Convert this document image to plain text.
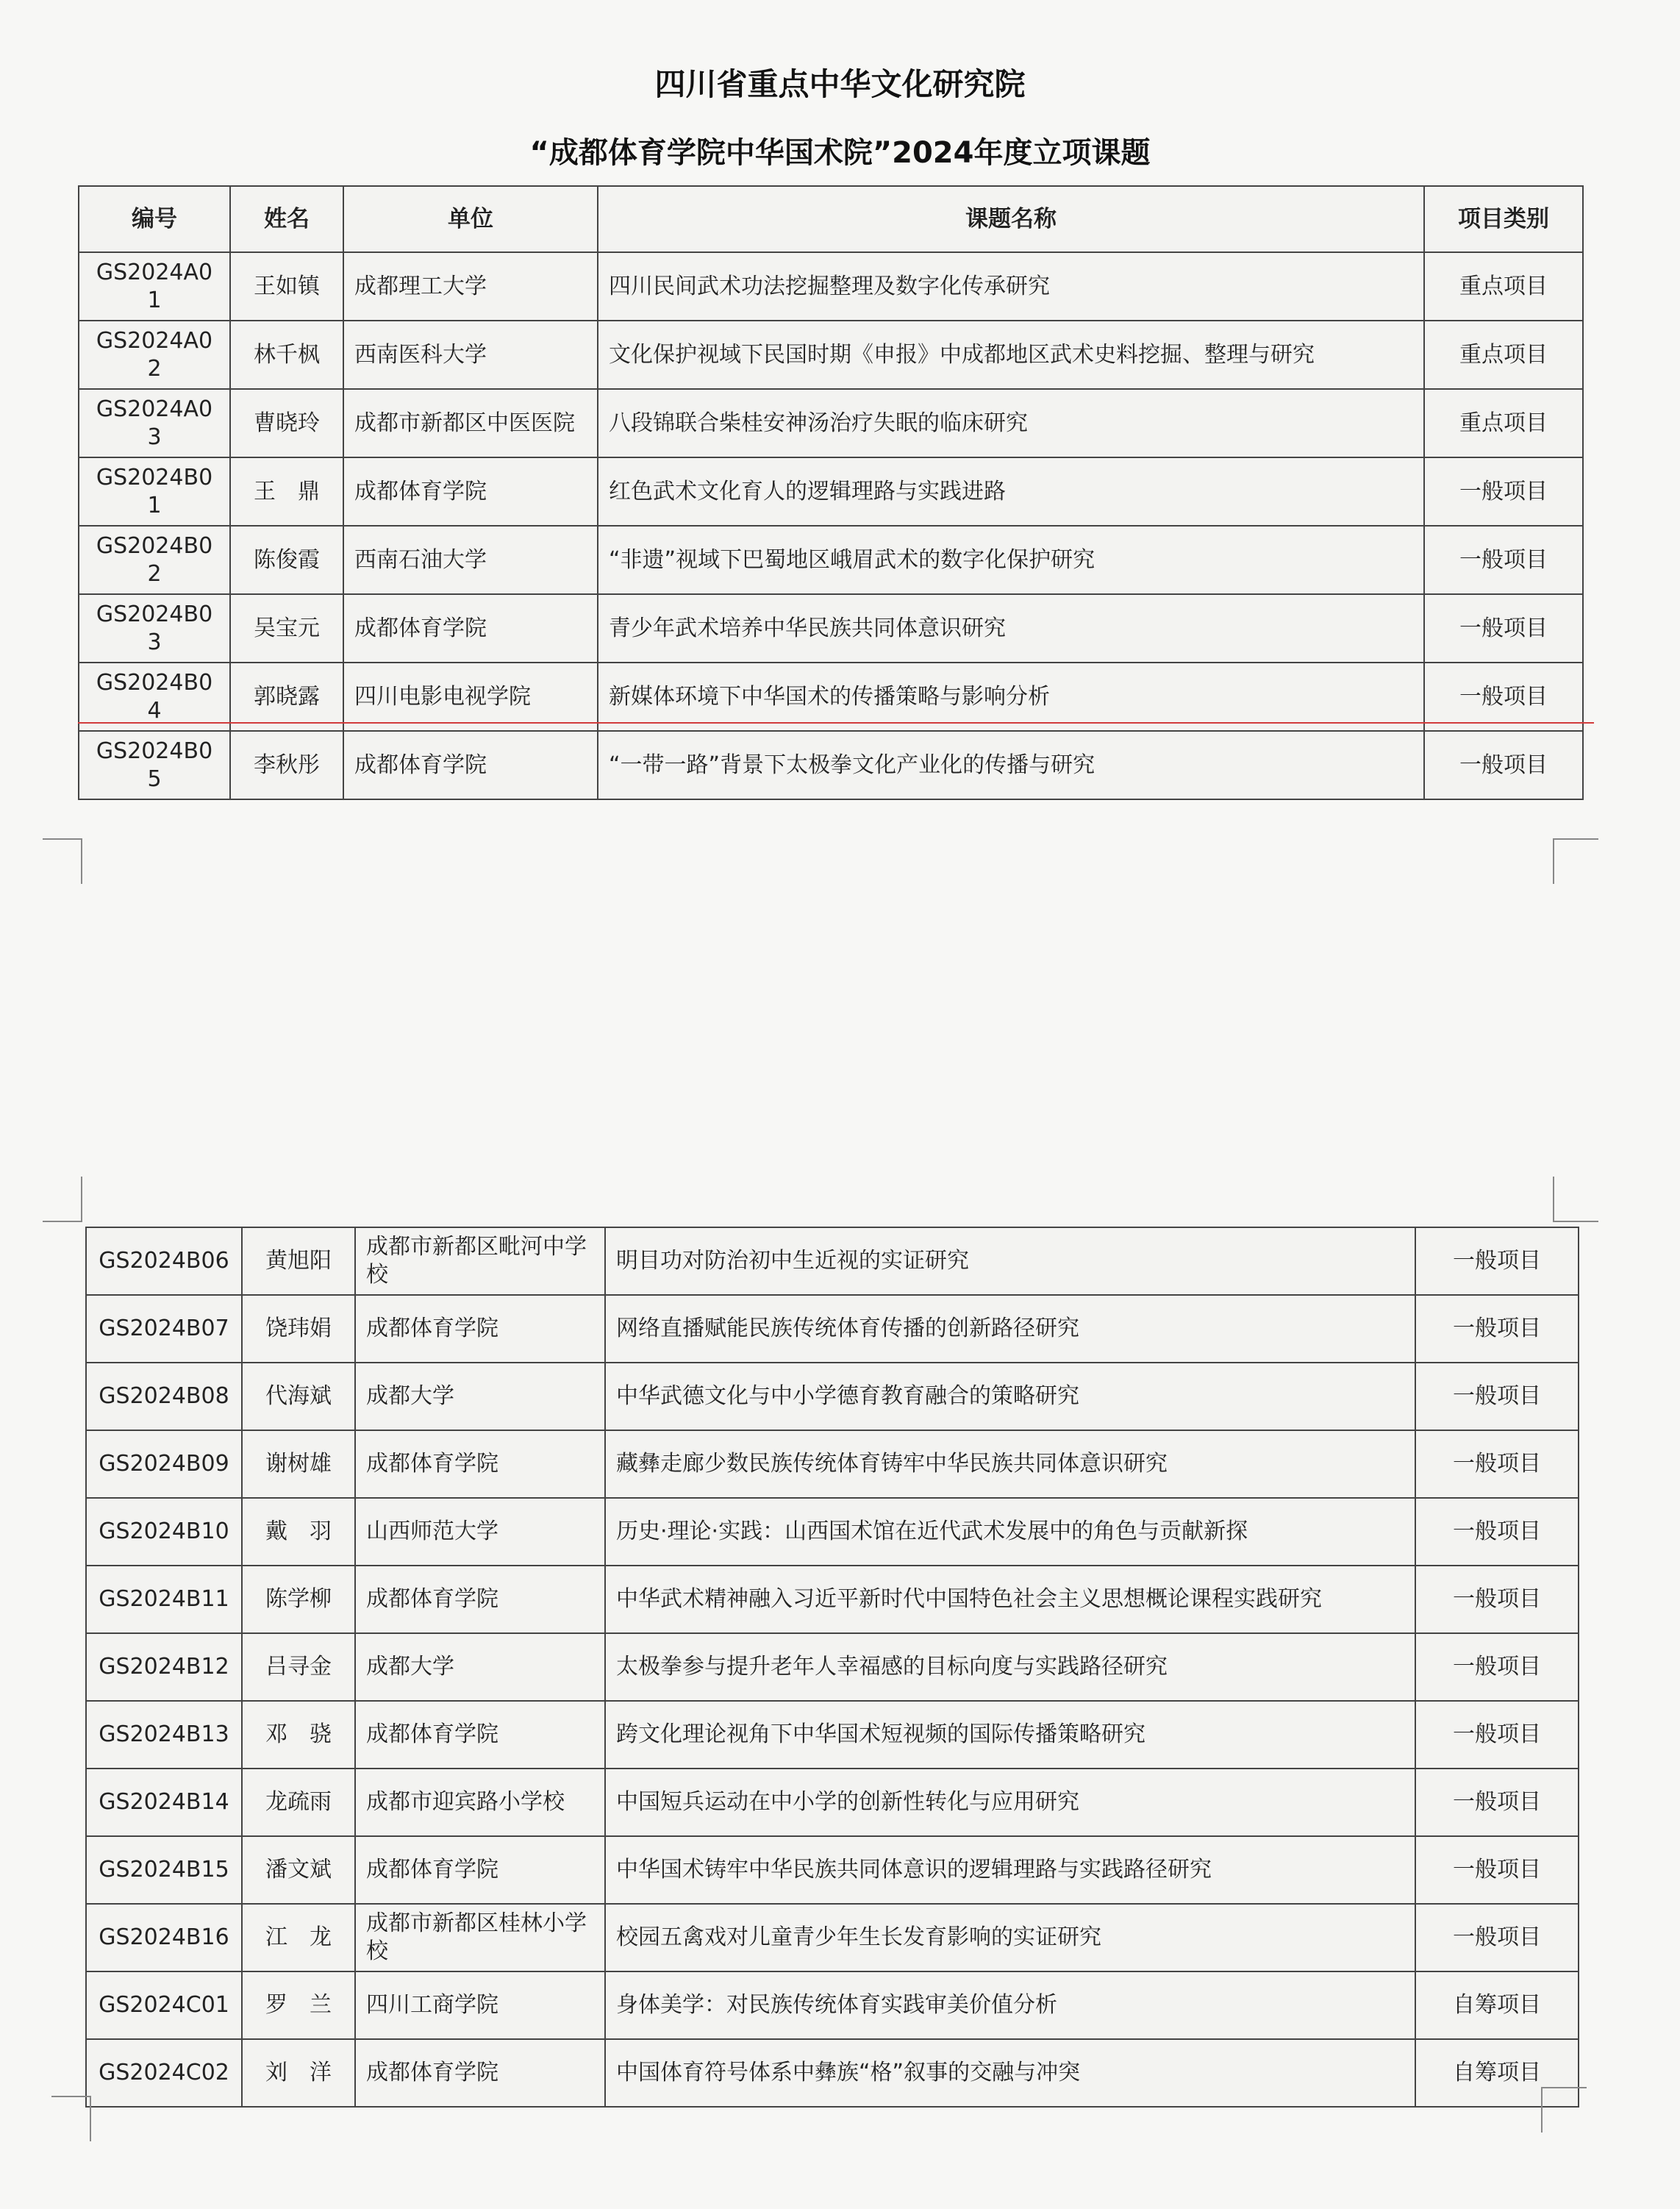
四川省重点中华文化研究院
“成都体育学院中华国术院”2024年度立项课题
编号	姓名	单位	课题名称	项目类别
GS2024A01	王如镇	成都理工大学	四川民间武术功法挖掘整理及数字化传承研究	重点项目
GS2024A02	林千枫	西南医科大学	文化保护视域下民国时期《申报》中成都地区武术史料挖掘、整理与研究	重点项目
GS2024A03	曹晓玲	成都市新都区中医医院	八段锦联合柴桂安神汤治疗失眠的临床研究	重点项目
GS2024B01	王　鼎	成都体育学院	红色武术文化育人的逻辑理路与实践进路	一般项目
GS2024B02	陈俊霞	西南石油大学	“非遗”视域下巴蜀地区峨眉武术的数字化保护研究	一般项目
GS2024B03	吴宝元	成都体育学院	青少年武术培养中华民族共同体意识研究	一般项目
GS2024B04	郭晓露	四川电影电视学院	新媒体环境下中华国术的传播策略与影响分析	一般项目
GS2024B05	李秋彤	成都体育学院	“一带一路”背景下太极拳文化产业化的传播与研究	一般项目
GS2024B06	黄旭阳	成都市新都区毗河中学校	明目功对防治初中生近视的实证研究	一般项目
GS2024B07	饶玮娟	成都体育学院	网络直播赋能民族传统体育传播的创新路径研究	一般项目
GS2024B08	代海斌	成都大学	中华武德文化与中小学德育教育融合的策略研究	一般项目
GS2024B09	谢树雄	成都体育学院	藏彝走廊少数民族传统体育铸牢中华民族共同体意识研究	一般项目
GS2024B10	戴　羽	山西师范大学	历史·理论·实践：山西国术馆在近代武术发展中的角色与贡献新探	一般项目
GS2024B11	陈学柳	成都体育学院	中华武术精神融入习近平新时代中国特色社会主义思想概论课程实践研究	一般项目
GS2024B12	吕寻金	成都大学	太极拳参与提升老年人幸福感的目标向度与实践路径研究	一般项目
GS2024B13	邓　骁	成都体育学院	跨文化理论视角下中华国术短视频的国际传播策略研究	一般项目
GS2024B14	龙疏雨	成都市迎宾路小学校	中国短兵运动在中小学的创新性转化与应用研究	一般项目
GS2024B15	潘文斌	成都体育学院	中华国术铸牢中华民族共同体意识的逻辑理路与实践路径研究	一般项目
GS2024B16	江　龙	成都市新都区桂林小学校	校园五禽戏对儿童青少年生长发育影响的实证研究	一般项目
GS2024C01	罗　兰	四川工商学院	身体美学：对民族传统体育实践审美价值分析	自筹项目
GS2024C02	刘　洋	成都体育学院	中国体育符号体系中彝族“格”叙事的交融与冲突	自筹项目
